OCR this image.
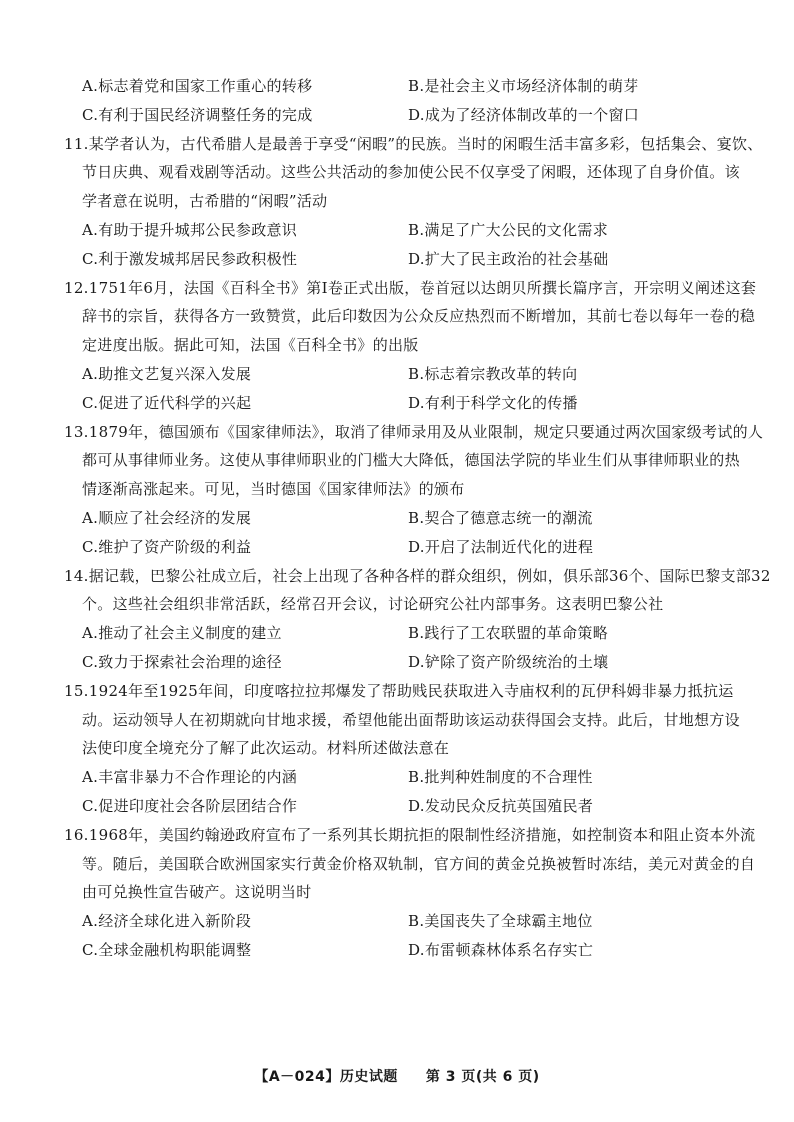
A.标志着党和国家工作重心的转移	B.是社会主义市场经济体制的萌芽
C.有利于国民经济调整任务的完成	D.成为了经济体制改革的一个窗口
11.某学者认为，古代希腊人是最善于享受“闲暇”的民族。当时的闲暇生活丰富多彩，包括集会、宴饮、
节日庆典、观看戏剧等活动。这些公共活动的参加使公民不仅享受了闲暇，还体现了自身价值。该
学者意在说明，古希腊的“闲暇”活动
A.有助于提升城邦公民参政意识	B.满足了广大公民的文化需求
C.利于激发城邦居民参政积极性	D.扩大了民主政治的社会基础
12.1751年6月，法国《百科全书》第Ⅰ卷正式出版，卷首冠以达朗贝所撰长篇序言，开宗明义阐述这套
辞书的宗旨，获得各方一致赞赏，此后印数因为公众反应热烈而不断增加，其前七卷以每年一卷的稳
定进度出版。据此可知，法国《百科全书》的出版
A.助推文艺复兴深入发展	B.标志着宗教改革的转向
C.促进了近代科学的兴起	D.有利于科学文化的传播
13.1879年，德国颁布《国家律师法》，取消了律师录用及从业限制，规定只要通过两次国家级考试的人
都可从事律师业务。这使从事律师职业的门槛大大降低，德国法学院的毕业生们从事律师职业的热
情逐渐高涨起来。可见，当时德国《国家律师法》的颁布
A.顺应了社会经济的发展	B.契合了德意志统一的潮流
C.维护了资产阶级的利益	D.开启了法制近代化的进程
14.据记载，巴黎公社成立后，社会上出现了各种各样的群众组织，例如，俱乐部36个、国际巴黎支部32
个。这些社会组织非常活跃，经常召开会议，讨论研究公社内部事务。这表明巴黎公社
A.推动了社会主义制度的建立	B.践行了工农联盟的革命策略
C.致力于探索社会治理的途径	D.铲除了资产阶级统治的土壤
15.1924年至1925年间，印度喀拉拉邦爆发了帮助贱民获取进入寺庙权利的瓦伊科姆非暴力抵抗运
动。运动领导人在初期就向甘地求援，希望他能出面帮助该运动获得国会支持。此后，甘地想方设
法使印度全境充分了解了此次运动。材料所述做法意在
A.丰富非暴力不合作理论的内涵	B.批判种姓制度的不合理性
C.促进印度社会各阶层团结合作	D.发动民众反抗英国殖民者
16.1968年，美国约翰逊政府宣布了一系列其长期抗拒的限制性经济措施，如控制资本和阻止资本外流
等。随后，美国联合欧洲国家实行黄金价格双轨制，官方间的黄金兑换被暂时冻结，美元对黄金的自
由可兑换性宣告破产。这说明当时
A.经济全球化进入新阶段	B.美国丧失了全球霸主地位
C.全球金融机构职能调整	D.布雷顿森林体系名存实亡
【A－024】历史试题 第 3 页(共 6 页)
